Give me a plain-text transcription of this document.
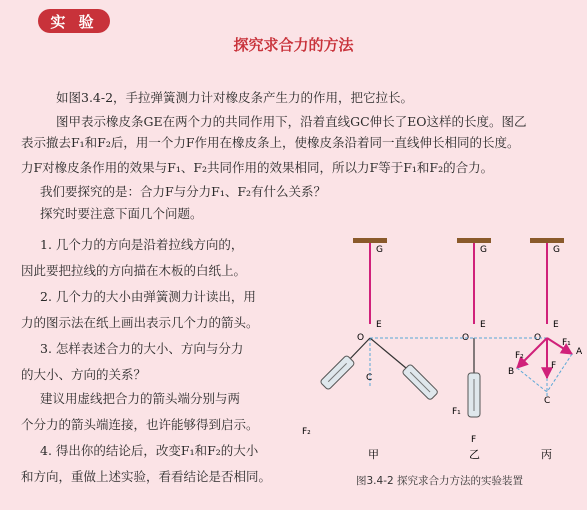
实 验
探究求合力的方法
如图3.4-2，手拉弹簧测力计对橡皮条产生力的作用，把它拉长。
图甲表示橡皮条GE在两个力的共同作用下，沿着直线GC伸长了EO这样的长度。图乙
表示撤去F₁和F₂后，用一个力F作用在橡皮条上，使橡皮条沿着同一直线伸长相同的长度。
力F对橡皮条作用的效果与F₁、F₂共同作用的效果相同，所以力F等于F₁和F₂的合力。
我们要探究的是：合力F与分力F₁、F₂有什么关系？
探究时要注意下面几个问题。
1. 几个力的方向是沿着拉线方向的，
因此要把拉线的方向描在木板的白纸上。
2. 几个力的大小由弹簧测力计读出，用
力的图示法在纸上画出表示几个力的箭头。
3. 怎样表述合力的大小、方向与分力
的大小、方向的关系？
建议用虚线把合力的箭头端分别与两
个分力的箭头端连接，也许能够得到启示。
4. 得出你的结论后，改变F₁和F₂的大小
和方向，重做上述实验，看看结论是否相同。
G
E
O
C
F₂
F₁
甲
G
E
O
F
乙
G
E
O
F₂
F₁
A
B
F
C
丙
图3.4-2 探究求合力方法的实验装置
